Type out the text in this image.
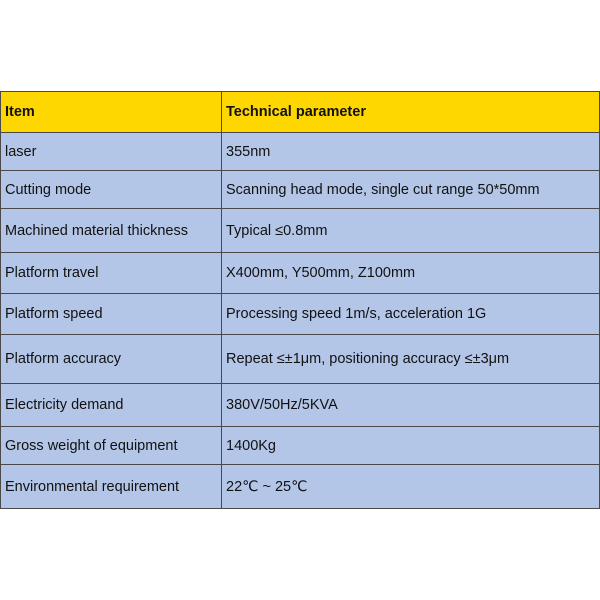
Item	Technical parameter
laser	355nm
Cutting mode	Scanning head mode, single cut range 50*50mm
Machined material thickness	Typical ≤0.8mm
Platform travel	X400mm, Y500mm, Z100mm
Platform speed	Processing speed 1m/s, acceleration 1G
Platform accuracy	Repeat ≤±1μm, positioning accuracy ≤±3μm
Electricity demand	380V/50Hz/5KVA
Gross weight of equipment	1400Kg
Environmental requirement	22℃ ~ 25℃
